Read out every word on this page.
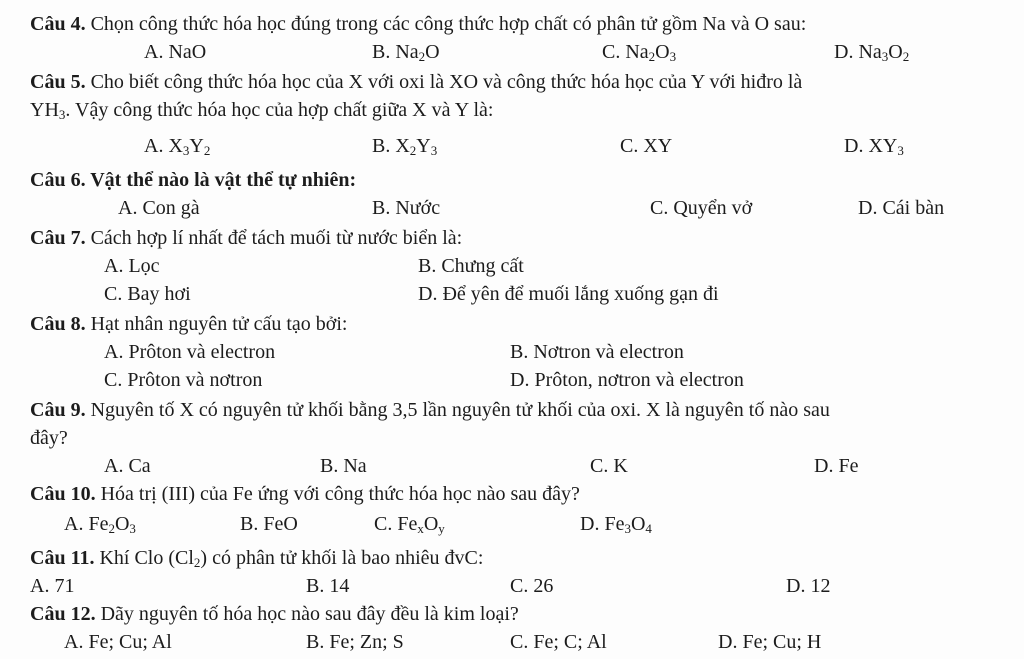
Câu 4. Chọn công thức hóa học đúng trong các công thức hợp chất có phân tử gồm Na và O sau:
A. NaO	B. $Na_2O$	C. $Na_2O_3$	D. $Na_3O_2$
Câu 5. Cho biết công thức hóa học của X với oxi là XO và công thức hóa học của Y với hiđro là
$YH_3$. Vậy công thức hóa học của hợp chất giữa X và Y là:
A. $X_3Y_2$	B. $X_2Y_3$	C. XY	D. $XY_3$
Câu 6. Vật thể nào là vật thể tự nhiên:
A. Con gà	B. Nước	C. Quyển vở	D. Cái bàn
Câu 7. Cách hợp lí nhất để tách muối từ nước biển là:
A. Lọc	B. Chưng cất
C. Bay hơi	D. Để yên để muối lắng xuống gạn đi
Câu 8. Hạt nhân nguyên tử cấu tạo bởi:
A. Prôton và electron	B. Nơtron và electron
C. Prôton và nơtron	D. Prôton, nơtron và electron
Câu 9. Nguyên tố X có nguyên tử khối bằng 3,5 lần nguyên tử khối của oxi. X là nguyên tố nào sau
đây?
A. Ca	B. Na	C. K	D. Fe
Câu 10. Hóa trị (III) của Fe ứng với công thức hóa học nào sau đây?
A. $Fe_2O_3$	B. FeO	C. $Fe_xO_y$	D. $Fe_3O_4$
Câu 11. Khí Clo $(Cl_2)$ có phân tử khối là bao nhiêu đvC:
A. 71	B. 14	C. 26	D. 12
Câu 12. Dãy nguyên tố hóa học nào sau đây đều là kim loại?
A. Fe; Cu; Al	B. Fe; Zn; S	C. Fe; C; Al	D. Fe; Cu; H
